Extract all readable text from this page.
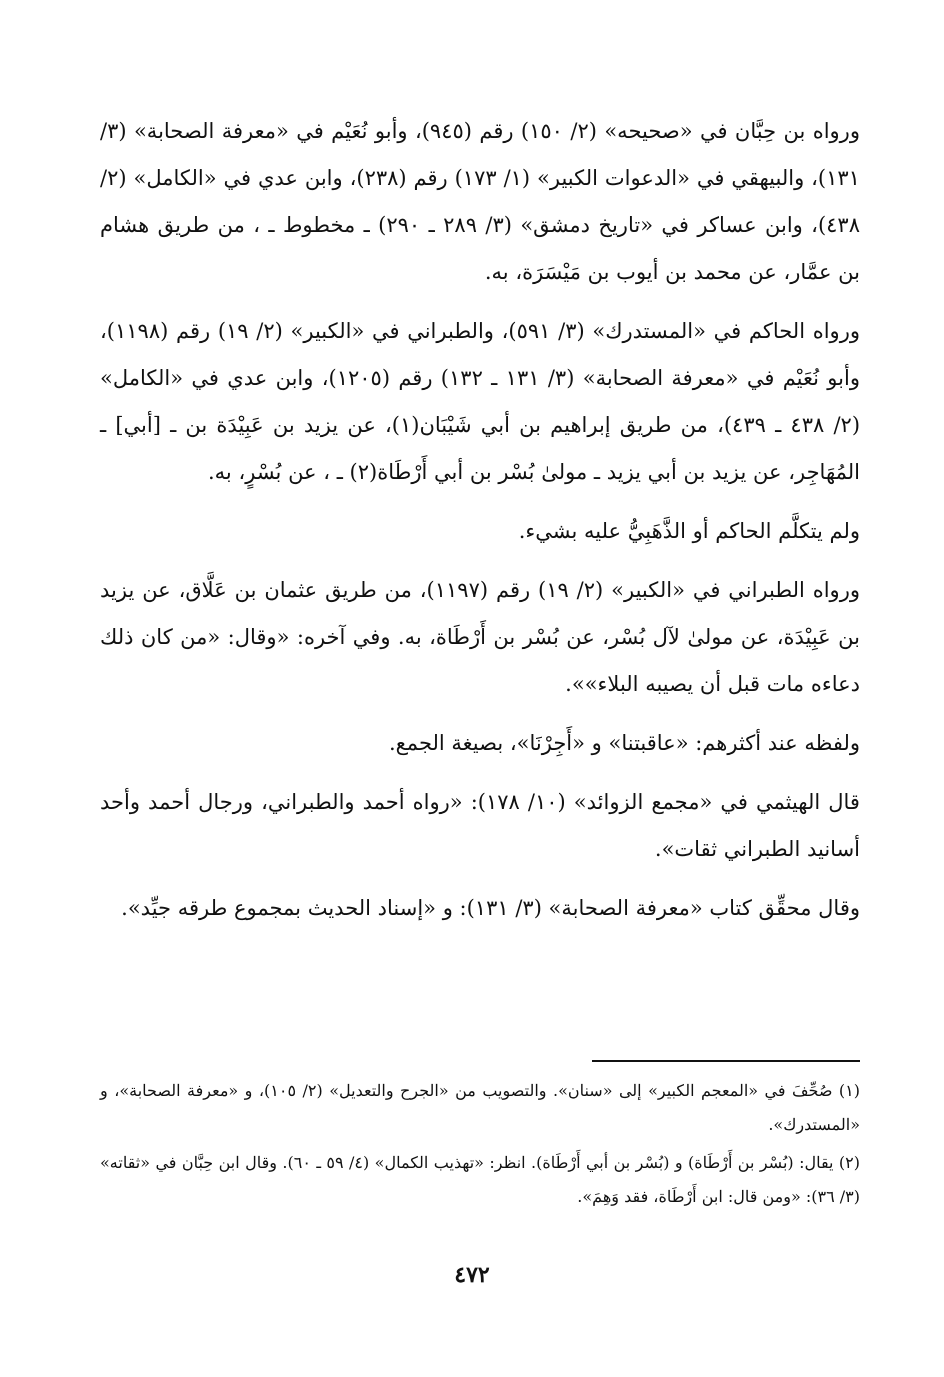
ورواه بن حِبَّان في «صحيحه» (٢/ ١٥٠) رقم (٩٤٥)، وأبو نُعَيْم في «معرفة الصحابة» (٣/ ١٣١)، والبيهقي في «الدعوات الكبير» (١/ ١٧٣) رقم (٢٣٨)، وابن عدي في «الكامل» (٢/ ٤٣٨)، وابن عساكر في «تاريخ دمشق» (٣/ ٢٨٩ ـ ٢٩٠) ـ مخطوط ـ ، من طريق هشام بن عمَّار، عن محمد بن أيوب بن مَيْسَرَة، به.

ورواه الحاكم في «المستدرك» (٣/ ٥٩١)، والطبراني في «الكبير» (٢/ ١٩) رقم (١١٩٨)، وأبو نُعَيْم في «معرفة الصحابة» (٣/ ١٣١ ـ ١٣٢) رقم (١٢٠٥)، وابن عدي في «الكامل» (٢/ ٤٣٨ ـ ٤٣٩)، من طريق إبراهيم بن أبي شَيْبَان(١)، عن يزيد بن عَبِيْدَة بن ـ [أبي] ـ المُهَاجِر، عن يزيد بن أبي يزيد ـ مولىٰ بُسْر بن أبي أَرْطَاة(٢) ـ ، عن بُسْرٍ، به.

ولم يتكلَّم الحاكم أو الذَّهَبِيُّ عليه بشيء.

ورواه الطبراني في «الكبير» (٢/ ١٩) رقم (١١٩٧)، من طريق عثمان بن عَلَّاق، عن يزيد بن عَبِيْدَة، عن مولىٰ لآل بُسْر، عن بُسْر بن أَرْطَاة، به. وفي آخره: «وقال: «من كان ذلك دعاءه مات قبل أن يصيبه البلاء»».

ولفظه عند أكثرهم: «عاقبتنا» و «أَجِرْنَا»، بصيغة الجمع.

قال الهيثمي في «مجمع الزوائد» (١٠/ ١٧٨): «رواه أحمد والطبراني، ورجال أحمد وأحد أسانيد الطبراني ثقات».

وقال محقِّق كتاب «معرفة الصحابة» (٣/ ١٣١): و «إسناد الحديث بمجموع طرقه جيِّد».

(١) صُحِّفَ في «المعجم الكبير» إلى «سنان». والتصويب من «الجرح والتعديل» (٢/ ١٠٥)، و «معرفة الصحابة»، و «المستدرك».

(٢) يقال: (بُسْر بن أَرْطَاة) و (بُسْر بن أبي أَرْطَاة). انظر: «تهذيب الكمال» (٤/ ٥٩ ـ ٦٠). وقال ابن حِبَّان في «ثقاته» (٣/ ٣٦): «ومن قال: ابن أَرْطَاة، فقد وَهِمَ».

٤٧٢
